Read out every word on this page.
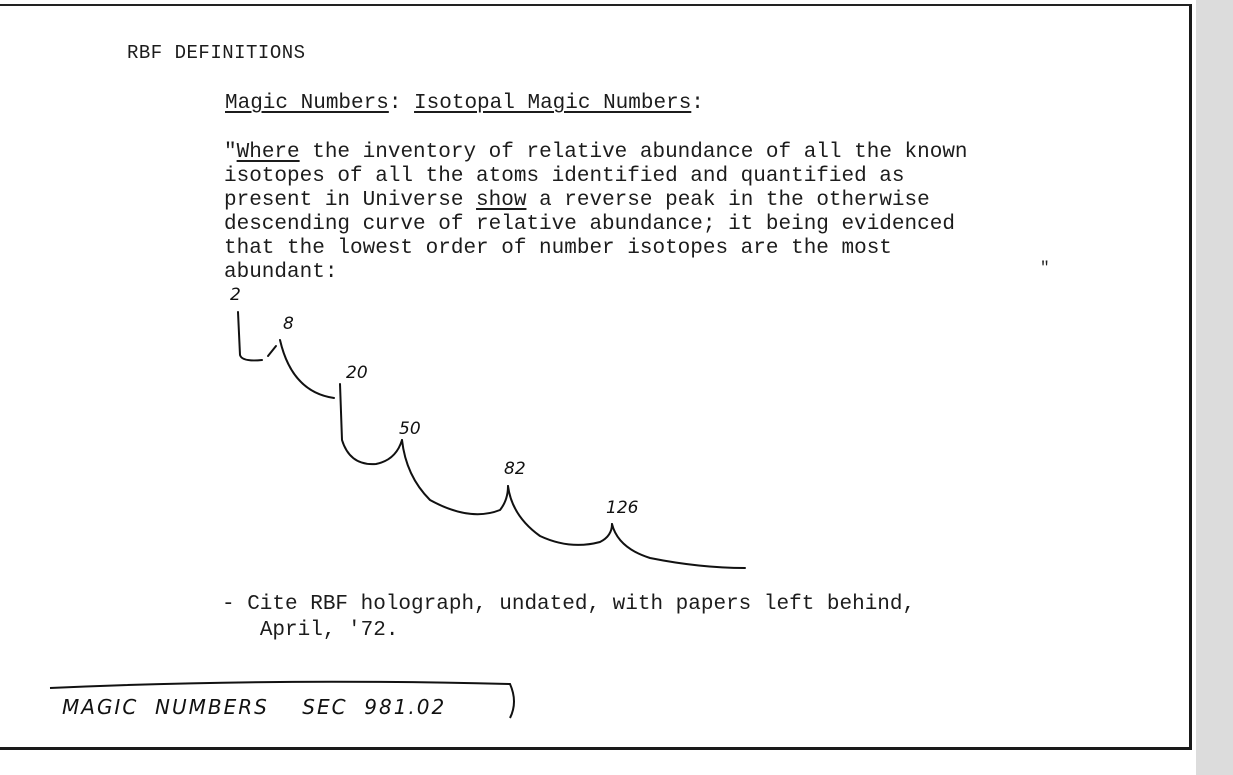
RBF DEFINITIONS
Magic Numbers: Isotopal Magic Numbers:
"Where the inventory of relative abundance of all the known
isotopes of all the atoms identified and quantified as
present in Universe show a reverse peak in the otherwise
descending curve of relative abundance; it being evidenced
that the lowest order of number isotopes are the most
abundant:	"
2
8
20
50
82
126
- Cite RBF holograph, undated, with papers left behind,
April, '72.
MAGIC  NUMBERS    SEC  981.02
